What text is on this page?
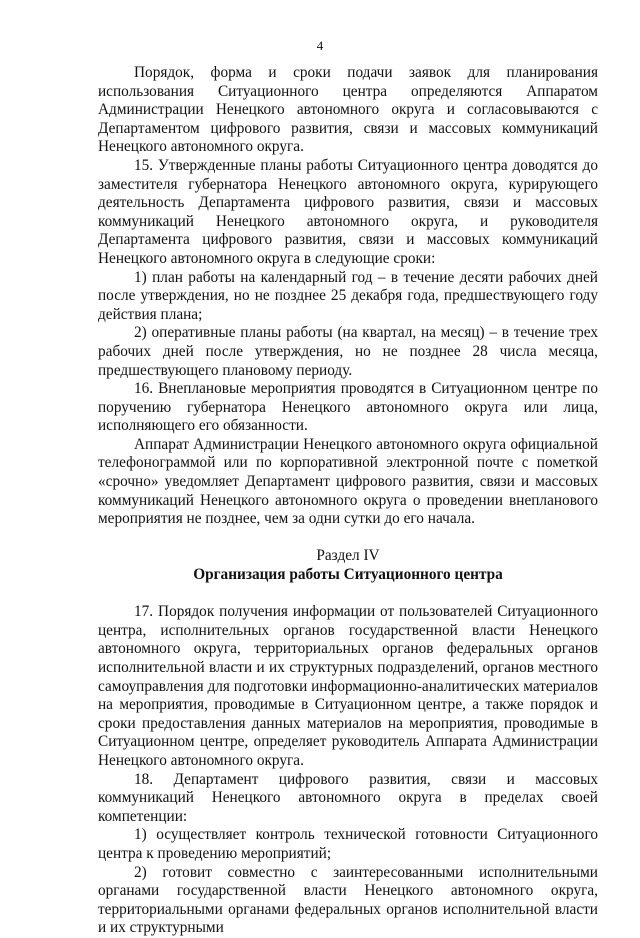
4

Порядок, форма и сроки подачи заявок для планирования использования Ситуационного центра определяются Аппаратом Администрации Ненецкого автономного округа и согласовываются с Департаментом цифрового развития, связи и массовых коммуникаций Ненецкого автономного округа.

15. Утвержденные планы работы Ситуационного центра доводятся до заместителя губернатора Ненецкого автономного округа, курирующего деятельность Департамента цифрового развития, связи и массовых коммуникаций Ненецкого автономного округа, и руководителя Департамента цифрового развития, связи и массовых коммуникаций Ненецкого автономного округа в следующие сроки:

1) план работы на календарный год – в течение десяти рабочих дней после утверждения, но не позднее 25 декабря года, предшествующего году действия плана;

2) оперативные планы работы (на квартал, на месяц) – в течение трех рабочих дней после утверждения, но не позднее 28 числа месяца, предшествующего плановому периоду.

16. Внеплановые мероприятия проводятся в Ситуационном центре по поручению губернатора Ненецкого автономного округа или лица, исполняющего его обязанности.

Аппарат Администрации Ненецкого автономного округа официальной телефонограммой или по корпоративной электронной почте с пометкой «срочно» уведомляет Департамент цифрового развития, связи и массовых коммуникаций Ненецкого автономного округа о проведении внепланового мероприятия не позднее, чем за одни сутки до его начала.

Раздел IV
Организация работы Ситуационного центра

17. Порядок получения информации от пользователей Ситуационного центра, исполнительных органов государственной власти Ненецкого автономного округа, территориальных органов федеральных органов исполнительной власти и их структурных подразделений, органов местного самоуправления для подготовки информационно-аналитических материалов на мероприятия, проводимые в Ситуационном центре, а также порядок и сроки предоставления данных материалов на мероприятия, проводимые в Ситуационном центре, определяет руководитель Аппарата Администрации Ненецкого автономного округа.

18. Департамент цифрового развития, связи и массовых коммуникаций Ненецкого автономного округа в пределах своей компетенции:

1) осуществляет контроль технической готовности Ситуационного центра к проведению мероприятий;

2) готовит совместно с заинтересованными исполнительными органами государственной власти Ненецкого автономного округа, территориальными органами федеральных органов исполнительной власти и их структурными
